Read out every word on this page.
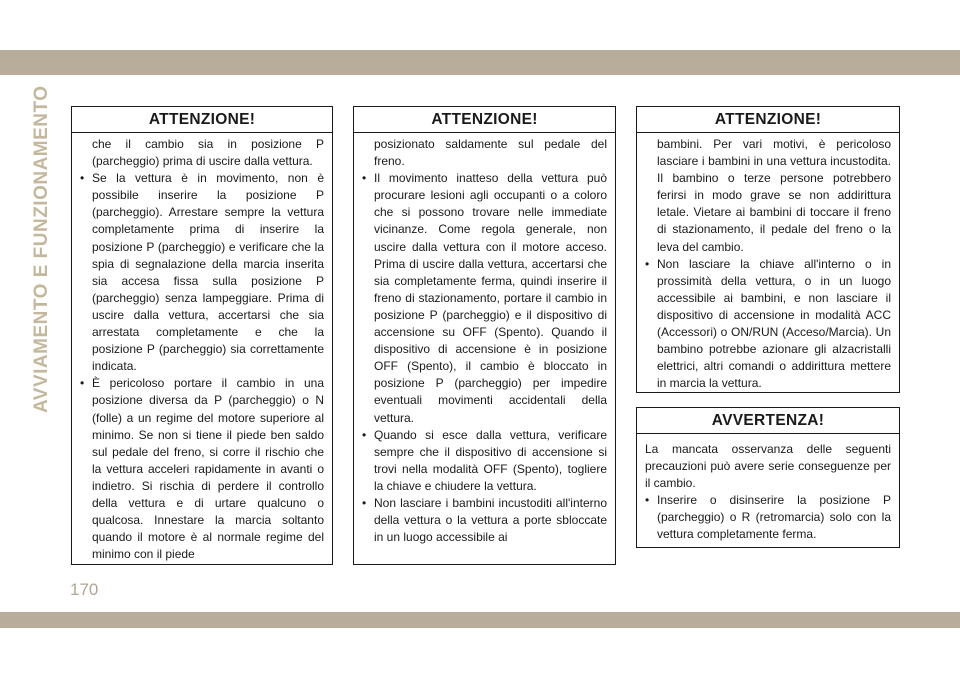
AVVIAMENTO E FUNZIONAMENTO	ATTENZIONE!

che il cambio sia in posizione P (parcheggio) prima di uscire dalla vettura.

• Se la vettura è in movimento, non è possibile inserire la posizione P (parcheggio). Arrestare sempre la vettura completamente prima di inserire la posizione P (parcheggio) e verificare che la spia di segnalazione della marcia inserita sia accesa fissa sulla posizione P (parcheggio) senza lampeggiare. Prima di uscire dalla vettura, accertarsi che sia arrestata completamente e che la posizione P (parcheggio) sia correttamente indicata.

• È pericoloso portare il cambio in una posizione diversa da P (parcheggio) o N (folle) a un regime del motore superiore al minimo. Se non si tiene il piede ben saldo sul pedale del freno, si corre il rischio che la vettura acceleri rapidamente in avanti o indietro. Si rischia di perdere il controllo della vettura e di urtare qualcuno o qualcosa. Innestare la marcia soltanto quando il motore è al normale regime del minimo con il piede

ATTENZIONE!

posizionato saldamente sul pedale del freno.

• Il movimento inatteso della vettura può procurare lesioni agli occupanti o a coloro che si possono trovare nelle immediate vicinanze. Come regola generale, non uscire dalla vettura con il motore acceso. Prima di uscire dalla vettura, accertarsi che sia completamente ferma, quindi inserire il freno di stazionamento, portare il cambio in posizione P (parcheggio) e il dispositivo di accensione su OFF (Spento). Quando il dispositivo di accensione è in posizione OFF (Spento), il cambio è bloccato in posizione P (parcheggio) per impedire eventuali movimenti accidentali della vettura.

• Quando si esce dalla vettura, verificare sempre che il dispositivo di accensione si trovi nella modalità OFF (Spento), togliere la chiave e chiudere la vettura.

• Non lasciare i bambini incustoditi all'interno della vettura o la vettura a porte sbloccate in un luogo accessibile ai

ATTENZIONE!

bambini. Per vari motivi, è pericoloso lasciare i bambini in una vettura incustodita. Il bambino o terze persone potrebbero ferirsi in modo grave se non addirittura letale. Vietare ai bambini di toccare il freno di stazionamento, il pedale del freno o la leva del cambio.

• Non lasciare la chiave all'interno o in prossimità della vettura, o in un luogo accessibile ai bambini, e non lasciare il dispositivo di accensione in modalità ACC (Accessori) o ON/RUN (Acceso/Marcia). Un bambino potrebbe azionare gli alzacristalli elettrici, altri comandi o addirittura mettere in marcia la vettura.

AVVERTENZA!

La mancata osservanza delle seguenti precauzioni può avere serie conseguenze per il cambio.

• Inserire o disinserire la posizione P (parcheggio) o R (retromarcia) solo con la vettura completamente ferma.

170
